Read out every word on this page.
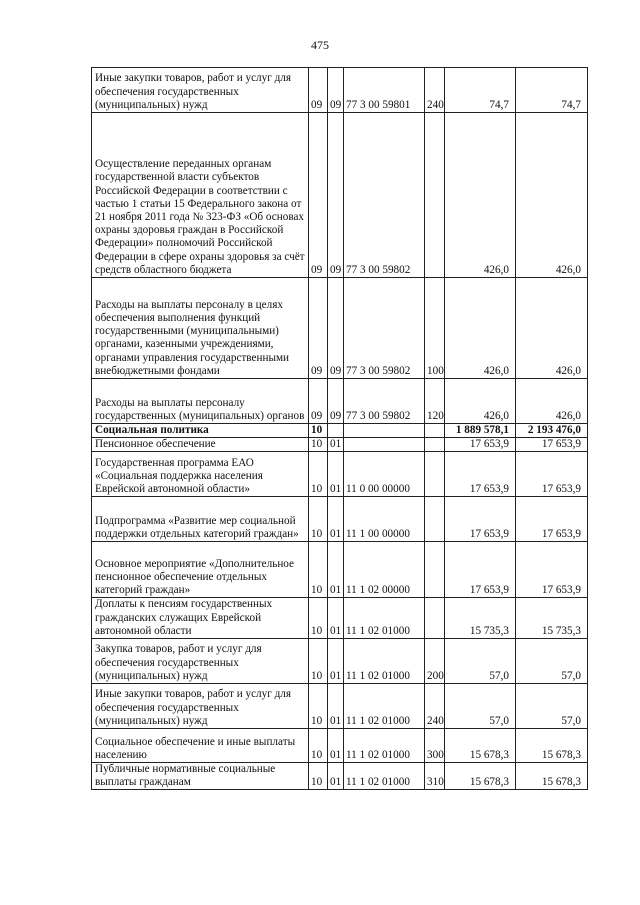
475
Иные закупки товаров, работ и услуг для обеспечения государственных (муниципальных) нужд	09	09	77 3 00 59801	240	74,7	74,7
Осуществление переданных органам государственной власти субъектов Российской Федерации в соответствии с частью 1 статьи 15 Федерального закона от 21 ноября 2011 года № 323-ФЗ «Об основах охраны здоровья граждан в Российской Федерации» полномочий Российской Федерации в сфере охраны здоровья за счёт средств областного бюджета	09	09	77 3 00 59802		426,0	426,0
Расходы на выплаты персоналу в целях обеспечения выполнения функций государственными (муниципальными) органами, казенными учреждениями, органами управления государственными внебюджетными фондами	09	09	77 3 00 59802	100	426,0	426,0
Расходы на выплаты персоналу государственных (муниципальных) органов	09	09	77 3 00 59802	120	426,0	426,0
Социальная политика	10				1 889 578,1	2 193 476,0
Пенсионное обеспечение	10	01			17 653,9	17 653,9
Государственная программа ЕАО «Социальная поддержка населения Еврейской автономной области»	10	01	11 0 00 00000		17 653,9	17 653,9
Подпрограмма «Развитие мер социальной поддержки отдельных категорий граждан»	10	01	11 1 00 00000		17 653,9	17 653,9
Основное мероприятие «Дополнительное пенсионное обеспечение отдельных категорий граждан»	10	01	11 1 02 00000		17 653,9	17 653,9
Доплаты к пенсиям государственных гражданских служащих Еврейской автономной области	10	01	11 1 02 01000		15 735,3	15 735,3
Закупка товаров, работ и услуг для обеспечения государственных (муниципальных) нужд	10	01	11 1 02 01000	200	57,0	57,0
Иные закупки товаров, работ и услуг для обеспечения государственных (муниципальных) нужд	10	01	11 1 02 01000	240	57,0	57,0
Социальное обеспечение и иные выплаты населению	10	01	11 1 02 01000	300	15 678,3	15 678,3
Публичные нормативные социальные выплаты гражданам	10	01	11 1 02 01000	310	15 678,3	15 678,3
